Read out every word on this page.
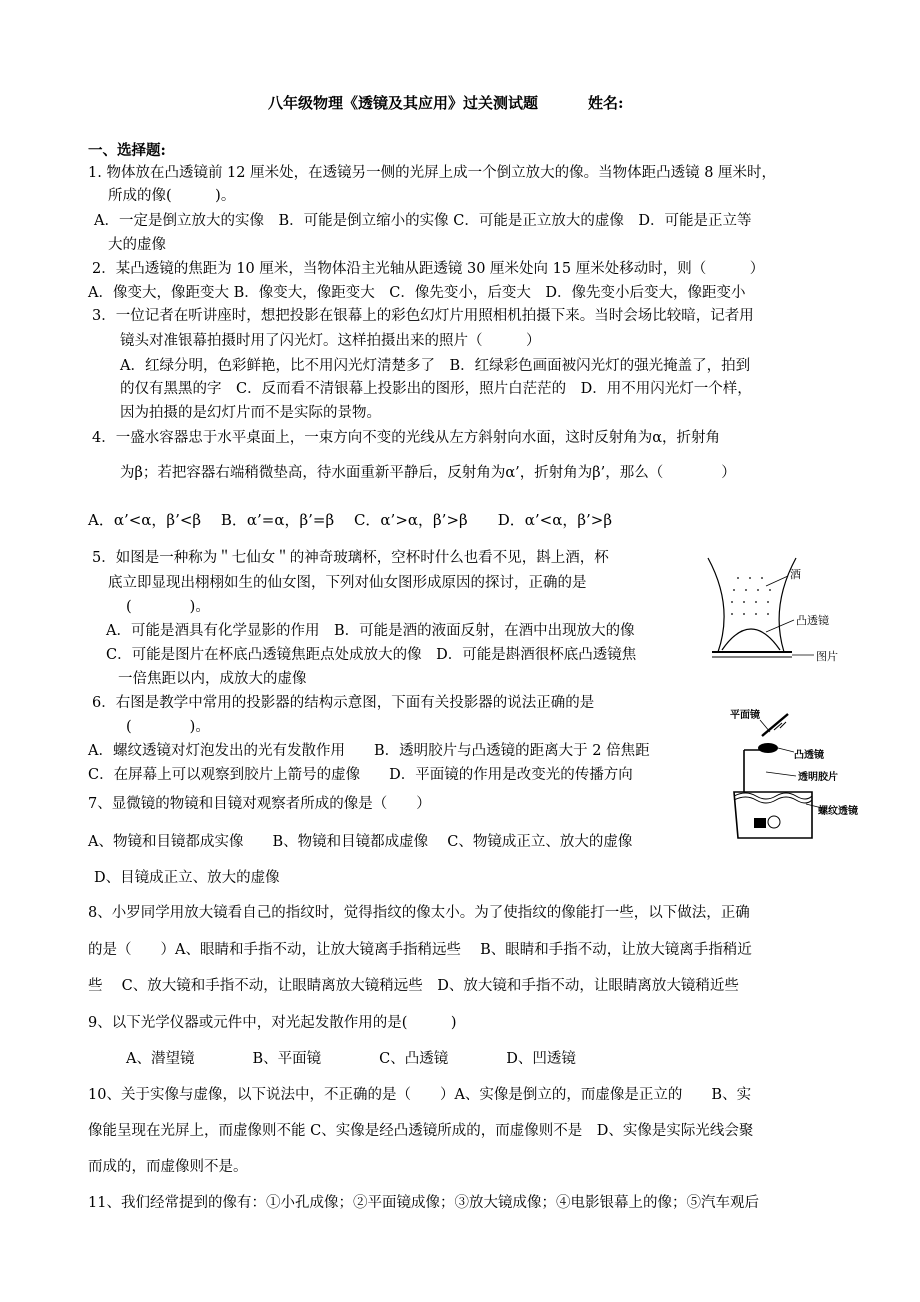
八年级物理《透镜及其应用》过关测试题	姓名:
一、选择题:
1. 物体放在凸透镜前 12 厘米处，在透镜另一侧的光屏上成一个倒立放大的像。当物体距凸透镜 8 厘米时，
所成的像(　　　)。
A．一定是倒立放大的实像　B．可能是倒立缩小的实像 C．可能是正立放大的虚像　D．可能是正立等
大的虚像
2．某凸透镜的焦距为 10 厘米，当物体沿主光轴从距透镜 30 厘米处向 15 厘米处移动时，则（　　　）
A．像变大，像距变大 B．像变大，像距变大　C．像先变小，后变大　D．像先变小后变大，像距变小
3．一位记者在听讲座时，想把投影在银幕上的彩色幻灯片用照相机拍摄下来。当时会场比较暗，记者用
镜头对准银幕拍摄时用了闪光灯。这样拍摄出来的照片（　　　）
A．红绿分明，色彩鲜艳，比不用闪光灯清楚多了　B．红绿彩色画面被闪光灯的强光掩盖了，拍到
的仅有黑黑的字　C．反而看不清银幕上投影出的图形，照片白茫茫的　D．用不用闪光灯一个样，
因为拍摄的是幻灯片而不是实际的景物。
4．一盛水容器忠于水平桌面上，一束方向不变的光线从左方斜射向水面，这时反射角为α，折射角
为β；若把容器右端稍微垫高，待水面重新平静后，反射角为α’，折射角为β’，那么（　　　　）
A．α’<α，β’<β　 B．α’=α，β’=β　 C．α’>α，β’>β　　D．α’<α，β’>β
5．如图是一种称为＂七仙女＂的神奇玻璃杯，空杯时什么也看不见，斟上酒，杯
底立即显现出栩栩如生的仙女图，下列对仙女图形成原因的探讨，正确的是
(　　　　)。
A．可能是酒具有化学显影的作用　B．可能是酒的液面反射，在酒中出现放大的像
C．可能是图片在杯底凸透镜焦距点处成放大的像　D．可能是斟酒很杯底凸透镜焦
一倍焦距以内，成放大的虚像
6．右图是教学中常用的投影器的结构示意图，下面有关投影器的说法正确的是
(　　　　)。
A．螺纹透镜对灯泡发出的光有发散作用　　B．透明胶片与凸透镜的距离大于 2 倍焦距
C．在屏幕上可以观察到胶片上箭号的虚像　　D．平面镜的作用是改变光的传播方向
7、显微镜的物镜和目镜对观察者所成的像是（　　）
A、物镜和目镜都成实像　　B、物镜和目镜都成虚像　 C、物镜成正立、放大的虚像
D、目镜成正立、放大的虚像
8、小罗同学用放大镜看自己的指纹时，觉得指纹的像太小。为了使指纹的像能打一些，以下做法，正确
的是（　　）A、眼睛和手指不动，让放大镜离手指稍远些　 B、眼睛和手指不动，让放大镜离手指稍近
些　 C、放大镜和手指不动，让眼睛离放大镜稍远些　D、放大镜和手指不动，让眼睛离放大镜稍近些
9、以下光学仪器或元件中，对光起发散作用的是(　　　)
A、潜望镜　　　　B、平面镜　　　　C、凸透镜　　　　D、凹透镜
10、关于实像与虚像，以下说法中，不正确的是（　　）A、实像是倒立的，而虚像是正立的　　B、实
像能呈现在光屏上，而虚像则不能 C、实像是经凸透镜所成的，而虚像则不是　D、实像是实际光线会聚
而成的，而虚像则不是。
11、我们经常提到的像有：①小孔成像；②平面镜成像；③放大镜成像；④电影银幕上的像；⑤汽车观后
酒
凸透镜
图片
平面镜
凸透镜
透明胶片
螺纹透镜
